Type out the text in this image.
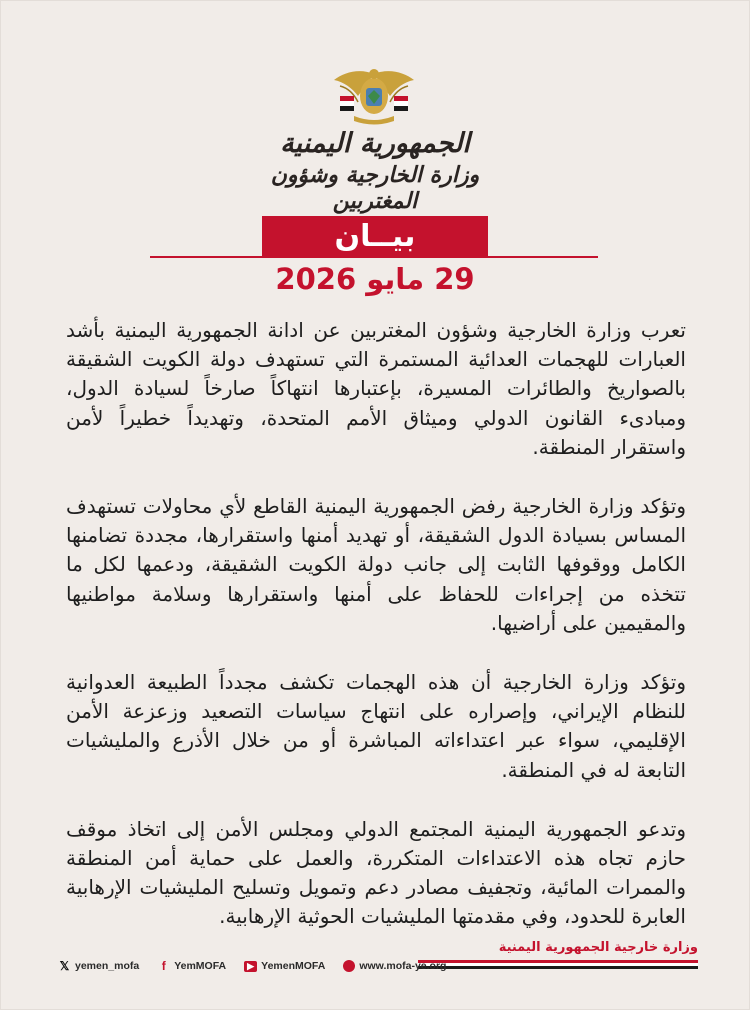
الجمهورية اليمنية
وزارة الخارجية وشؤون المغتربين
بيــان
29 مايو 2026

تعرب وزارة الخارجية وشؤون المغتربين عن ادانة الجمهورية اليمنية بأشد العبارات للهجمات العدائية المستمرة التي تستهدف دولة الكويت الشقيقة بالصواريخ والطائرات المسيرة، بإعتبارها انتهاكاً صارخاً لسيادة الدول، ومبادىء القانون الدولي وميثاق الأمم المتحدة، وتهديداً خطيراً لأمن واستقرار المنطقة.

وتؤكد وزارة الخارجية رفض الجمهورية اليمنية القاطع لأي محاولات تستهدف المساس بسيادة الدول الشقيقة، أو تهديد أمنها واستقرارها، مجددة تضامنها الكامل ووقوفها الثابت إلى جانب دولة الكويت الشقيقة، ودعمها لكل ما تتخذه من إجراءات للحفاظ على أمنها واستقرارها وسلامة مواطنيها والمقيمين على أراضيها.

وتؤكد وزارة الخارجية أن هذه الهجمات تكشف مجدداً الطبيعة العدوانية للنظام الإيراني، وإصراره على انتهاج سياسات التصعيد وزعزعة الأمن الإقليمي، سواء عبر اعتداءاته المباشرة أو من خلال الأذرع والمليشيات التابعة له في المنطقة.

وتدعو الجمهورية اليمنية المجتمع الدولي ومجلس الأمن إلى اتخاذ موقف حازم تجاه هذه الاعتداءات المتكررة، والعمل على حماية أمن المنطقة والممرات المائية، وتجفيف مصادر دعم وتمويل وتسليح المليشيات الإرهابية العابرة للحدود، وفي مقدمتها المليشيات الحوثية الإرهابية.

وزارة خارجية الجمهورية اليمنية
𝕏 yemen_mofa	f YemMOFA	▶ YemenMOFA	www.mofa-ye.org
